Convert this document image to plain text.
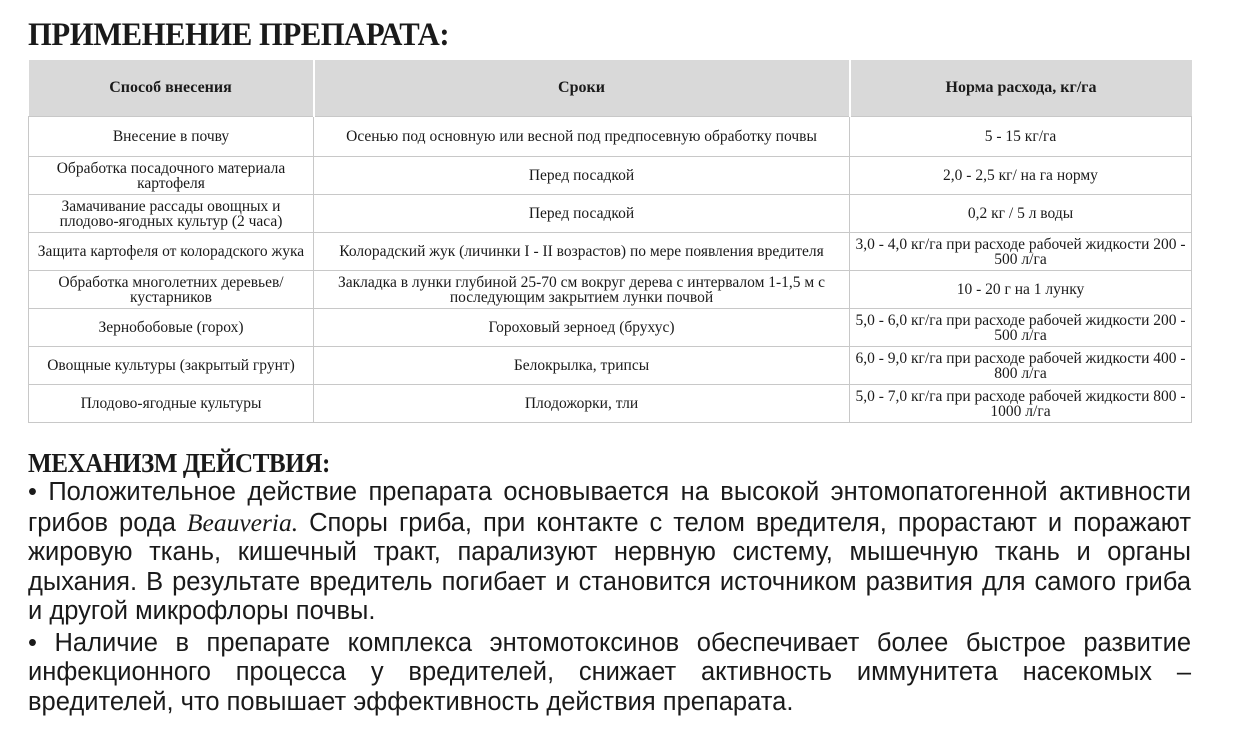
ПРИМЕНЕНИЕ ПРЕПАРАТА:
Способ внесения	Сроки	Норма расхода, кг/га
Внесение в почву	Осенью под основную или весной под предпосевную обработку почвы	5 - 15 кг/га
Обработка посадочного материала картофеля	Перед посадкой	2,0 - 2,5 кг/ на га норму
Замачивание рассады овощных и плодово-ягодных культур (2 часа)	Перед посадкой	0,2 кг / 5 л воды
Защита картофеля от колорадского жука	Колорадский жук (личинки I - II возрастов) по мере появления вредителя	3,0 - 4,0 кг/га при расходе рабочей жидкости 200 - 500 л/га
Обработка многолетних деревьев/кустарников	Закладка в лунки глубиной 25-70 см вокруг дерева с интервалом 1-1,5 м с последующим закрытием лунки почвой	10 - 20 г на 1 лунку
Зернобобовые (горох)	Гороховый зерноед (брухус)	5,0 - 6,0 кг/га при расходе рабочей жидкости 200 - 500 л/га
Овощные культуры (закрытый грунт)	Белокрылка, трипсы	6,0 - 9,0 кг/га при расходе рабочей жидкости 400 - 800 л/га
Плодово-ягодные культуры	Плодожорки, тли	5,0 - 7,0 кг/га при расходе рабочей жидкости 800 - 1000 л/га
МЕХАНИЗМ ДЕЙСТВИЯ:

• Положительное действие препарата основывается на высокой энтомопатогенной активности грибов рода Beauveria. Споры гриба, при контакте с телом вредителя, прорастают и поражают жировую ткань, кишечный тракт, парализуют нервную систему, мышечную ткань и органы дыхания. В результате вредитель погибает и становится источником развития для самого гриба и другой микрофлоры почвы.

• Наличие в препарате комплекса энтомотоксинов обеспечивает более быстрое развитие инфекционного процесса у вредителей, снижает активность иммунитета насекомых – вредителей, что повышает эффективность действия препарата.
